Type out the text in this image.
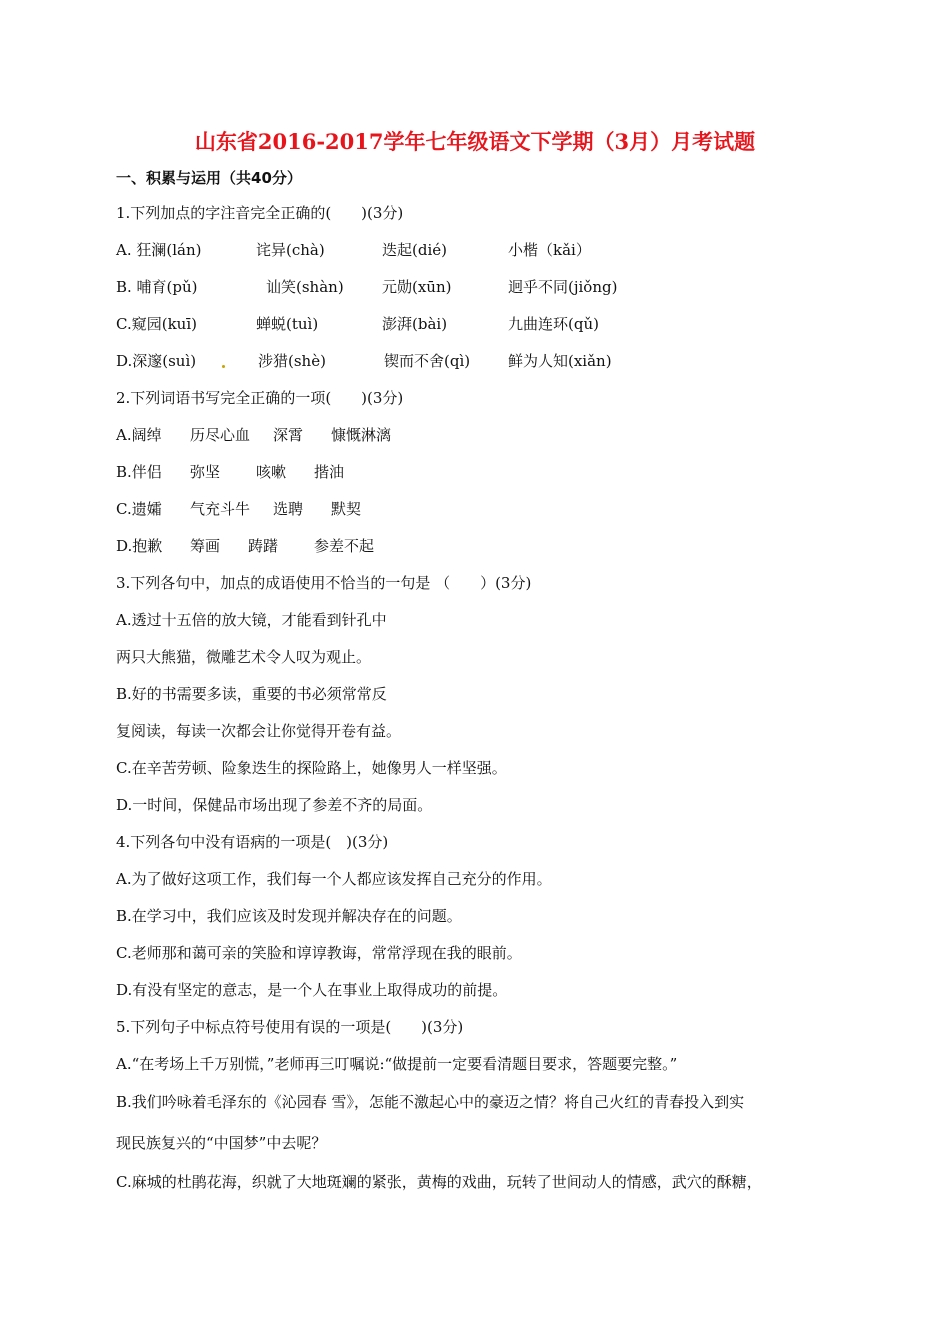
山东省2016-2017学年七年级语文下学期（3月）月考试题
一、积累与运用（共40分）
1.下列加点的字注音完全正确的(　　)(3分)
A. 狂澜(lán)	诧异(chà)	迭起(dié)	小楷（kǎi）
B. 哺育(pǔ)	讪笑(shàn)	元勋(xūn)	迥乎不同(jiǒng)
C.窥园(kuī)	蝉蜕(tuì)	澎湃(bài)	九曲连环(qǔ)
D.深邃(suì)	涉猎(shè)	锲而不舍(qì)	鲜为人知(xiǎn)
2.下列词语书写完全正确的一项(　　)(3分)
A.阔绰 历尽心血 深霄 慷慨淋漓
B.伴侣 弥坚 咳嗽 揩油
C.遗孀 气充斗牛 选聘 默契
D.抱歉 筹画 踌躇 参差不起
3.下列各句中，加点的成语使用不恰当的一句是 （　　）(3分)
A.透过十五倍的放大镜，才能看到针孔中
两只大熊猫，微雕艺术令人叹为观止。
B.好的书需要多读，重要的书必须常常反
复阅读，每读一次都会让你觉得开卷有益。
C.在辛苦劳顿、险象迭生的探险路上，她像男人一样坚强。
D.一时间，保健品市场出现了参差不齐的局面。
4.下列各句中没有语病的一项是(　)(3分)
A.为了做好这项工作，我们每一个人都应该发挥自己充分的作用。
B.在学习中，我们应该及时发现并解决存在的问题。
C.老师那和蔼可亲的笑脸和谆谆教诲，常常浮现在我的眼前。
D.有没有坚定的意志，是一个人在事业上取得成功的前提。
5.下列句子中标点符号使用有误的一项是(　　)(3分)
A.“在考场上千万别慌，”老师再三叮嘱说:“做提前一定要看清题目要求，答题要完整。”
B.我们吟咏着毛泽东的《沁园春 雪》，怎能不激起心中的豪迈之情？将自己火红的青春投入到实
现民族复兴的“中国梦”中去呢？
C.麻城的杜鹃花海，织就了大地斑斓的紧张，黄梅的戏曲，玩转了世间动人的情感，武穴的酥糖，
